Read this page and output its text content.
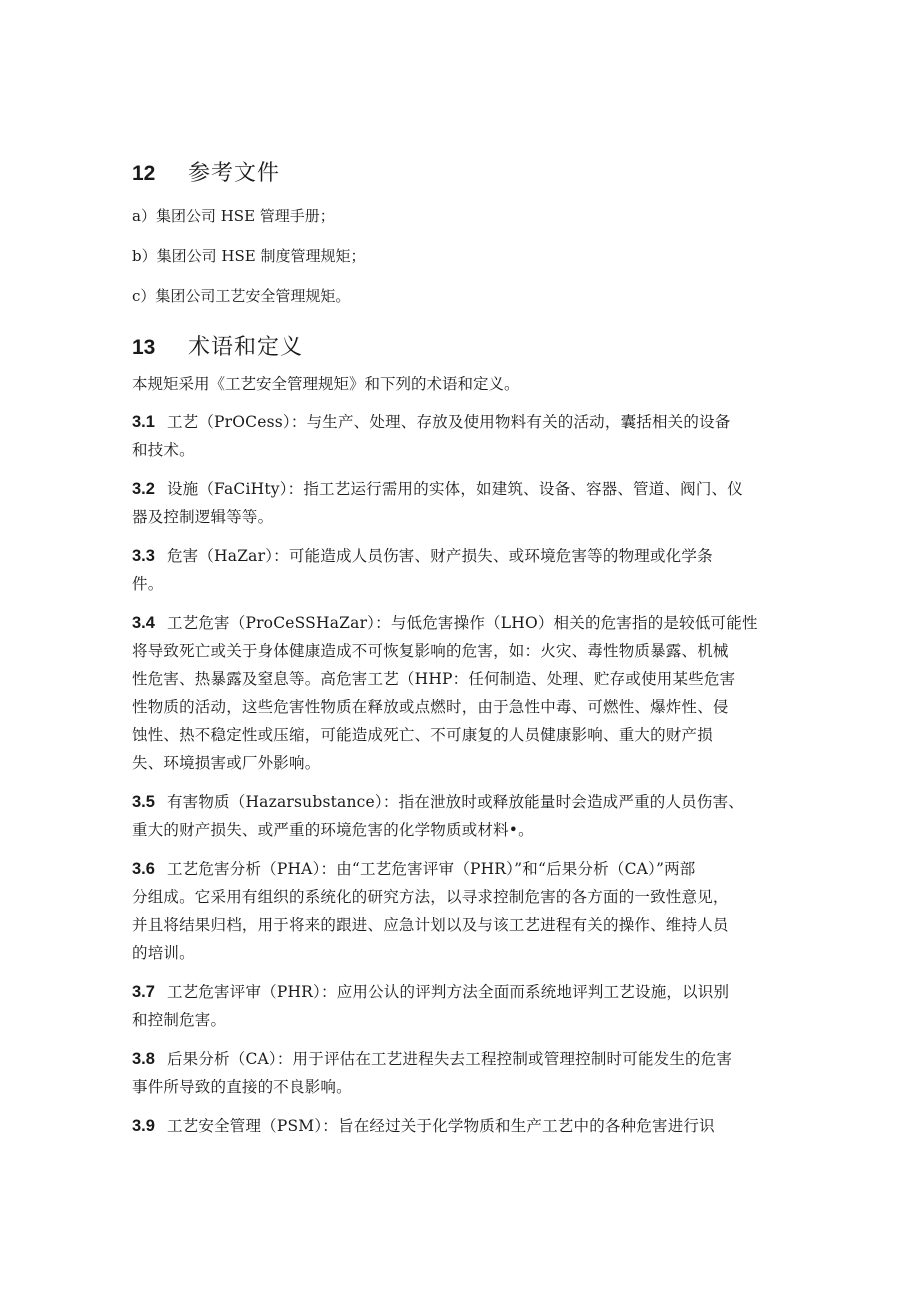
12	参考文件

a）集团公司 HSE 管理手册；

b）集团公司 HSE 制度管理规矩；

c）集团公司工艺安全管理规矩。

13	术语和定义

本规矩采用《工艺安全管理规矩》和下列的术语和定义。

3.1 工艺（PrOCess）：与生产、处理、存放及使用物料有关的活动，囊括相关的设备
和技术。
3.2 设施（FaCiHty）：指工艺运行需用的实体，如建筑、设备、容器、管道、阀门、仪
器及控制逻辑等等。
3.3 危害（HaZar）：可能造成人员伤害、财产损失、或环境危害等的物理或化学条
件。
3.4 工艺危害（ProCeSSHaZar）：与低危害操作（LHO）相关的危害指的是较低可能性
将导致死亡或关于身体健康造成不可恢复影响的危害，如：火灾、毒性物质暴露、机械
性危害、热暴露及窒息等。高危害工艺（HHP：任何制造、处理、贮存或使用某些危害
性物质的活动，这些危害性物质在释放或点燃时，由于急性中毒、可燃性、爆炸性、侵
蚀性、热不稳定性或压缩，可能造成死亡、不可康复的人员健康影响、重大的财产损
失、环境损害或厂外影响。
3.5 有害物质（Hazarsubstance）：指在泄放时或释放能量时会造成严重的人员伤害、
重大的财产损失、或严重的环境危害的化学物质或材料•。
3.6 工艺危害分析（PHA）：由“工艺危害评审（PHR）”和“后果分析（CA）”两部
分组成。它采用有组织的系统化的研究方法，以寻求控制危害的各方面的一致性意见，
并且将结果归档，用于将来的跟进、应急计划以及与该工艺进程有关的操作、维持人员
的培训。
3.7 工艺危害评审（PHR）：应用公认的评判方法全面而系统地评判工艺设施，以识别
和控制危害。
3.8 后果分析（CA）：用于评估在工艺进程失去工程控制或管理控制时可能发生的危害
事件所导致的直接的不良影响。
3.9 工艺安全管理（PSM）：旨在经过关于化学物质和生产工艺中的各种危害进行识
